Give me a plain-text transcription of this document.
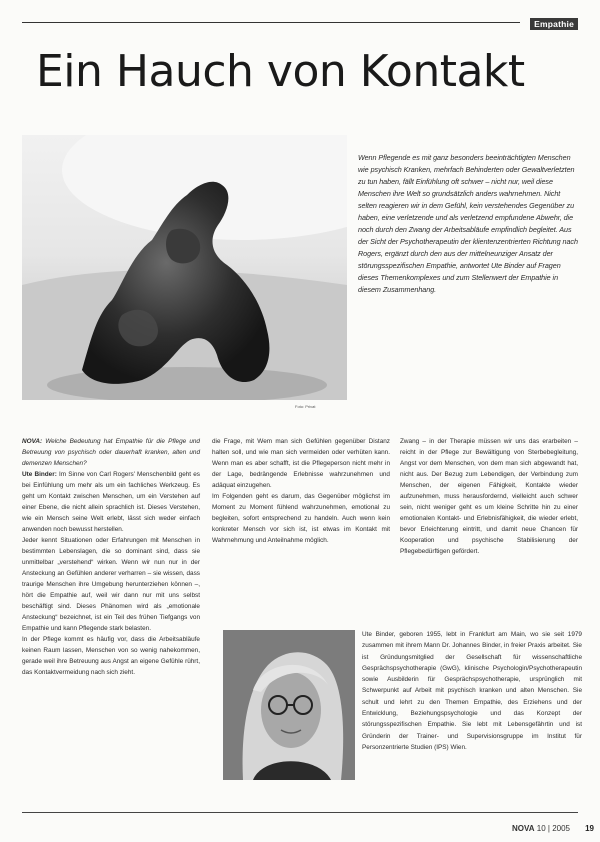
Empathie
Ein Hauch von Kontakt
Foto: Privat
Wenn Pflegende es mit ganz besonders beeinträchtigten Menschen wie psychisch Kranken, mehrfach Behinderten oder Gewaltverletzten zu tun haben, fällt Einfühlung oft schwer – nicht nur, weil diese Menschen ihre Welt so grundsätzlich anders wahrnehmen. Nicht selten reagieren wir in dem Gefühl, kein verstehendes Gegenüber zu haben, eine verletzende und als verletzend empfundene Abwehr, die noch durch den Zwang der Arbeitsabläufe empfindlich begleitet. Aus der Sicht der Psychotherapeutin der klientenzentrierten Richtung nach Rogers, ergänzt durch den aus der mittelneunziger Ansatz der störungsspezifischen Empathie, antwortet Ute Binder auf Fragen dieses Themenkomplexes und zum Stellenwert der Empathie in diesem Zusammenhang.

NOVA: Welche Bedeutung hat Empathie für die Pflege und Betreuung von psychisch oder dauerhaft kranken, alten und demenzen Menschen?

Ute Binder: Im Sinne von Carl Rogers' Menschenbild geht es bei Einfühlung um mehr als um ein fachliches Werkzeug. Es geht um Kontakt zwischen Menschen, um ein Verstehen auf einer Ebene, die nicht allein sprachlich ist. Dieses Verstehen, wie ein Mensch seine Welt erlebt, lässt sich weder einfach anwenden noch bewusst herstellen.

Jeder kennt Situationen oder Erfahrungen mit Menschen in bestimmten Lebenslagen, die so dominant sind, dass sie unmittelbar „verstehend“ wirken. Wenn wir nun nur in der Ansteckung an Gefühlen anderer verharren – sie wissen, dass traurige Menschen ihre Umgebung herunterziehen können –, hört die Empathie auf, weil wir dann nur mit uns selbst beschäftigt sind. Dieses Phänomen wird als „emotionale Ansteckung“ bezeichnet, ist ein Teil des frühen Tiefgangs von Empathie und kann Pflegende stark belasten.

In der Pflege kommt es häufig vor, dass die Arbeitsabläufe keinen Raum lassen, Menschen von so wenig nahekommen, gerade weil ihre Betreuung aus Angst an eigene Gefühle rührt, das Kontaktvermeidung nach sich zieht.

die Frage, mit Wem man sich Gefühlen gegenüber Distanz halten soll, und wie man sich vermeiden oder verhüten kann. Wenn man es aber schafft, ist die Pflegeperson nicht mehr in der Lage, bedrängende Erlebnisse wahrzunehmen und adäquat einzugehen.

Im Folgenden geht es darum, das Gegenüber möglichst im Moment zu Moment fühlend wahrzunehmen, emotional zu begleiten, sofort entsprechend zu handeln. Auch wenn kein konkreter Mensch vor sich ist, ist etwas im Kontakt mit Wahrnehmung und Anteilnahme möglich.

Zwang – in der Therapie müssen wir uns das erarbeiten – reicht in der Pflege zur Bewältigung von Sterbebegleitung, Angst vor dem Menschen, von dem man sich abgewandt hat, nicht aus. Der Bezug zum Lebendigen, der Verbindung zum Menschen, der eigenen Fähigkeit, Kontakte wieder aufzunehmen, muss herausfordernd, vielleicht auch schwer sein, nicht weniger geht es um kleine Schritte hin zu einer emotionalen Kontakt- und Erlebnisfähigkeit, die wieder erlebt, bevor Erleichterung eintritt, und damit neue Chancen für Kooperation und psychische Stabilisierung der Pflegebedürftigen gefördert.

Ute Binder, geboren 1955, lebt in Frankfurt am Main, wo sie seit 1979 zusammen mit ihrem Mann Dr. Johannes Binder, in freier Praxis arbeitet. Sie ist Gründungsmitglied der Gesellschaft für wissenschaftliche Gesprächspsychotherapie (GwG), klinische Psychologin/Psychotherapeutin sowie Ausbilderin für Gesprächspsychotherapie, ursprünglich mit Schwerpunkt auf Arbeit mit psychisch kranken und alten Menschen. Sie schult und lehrt zu den Themen Empathie, des Erziehens und der Entwicklung, Beziehungspsychologie und das Konzept der störungsspezifischen Empathie. Sie lebt mit Lebensgefährtin und ist Gründerin der Trainer- und Supervisionsgruppe im Institut für Personzentrierte Studien (IPS) Wien.
NOVA 10 | 2005 19
